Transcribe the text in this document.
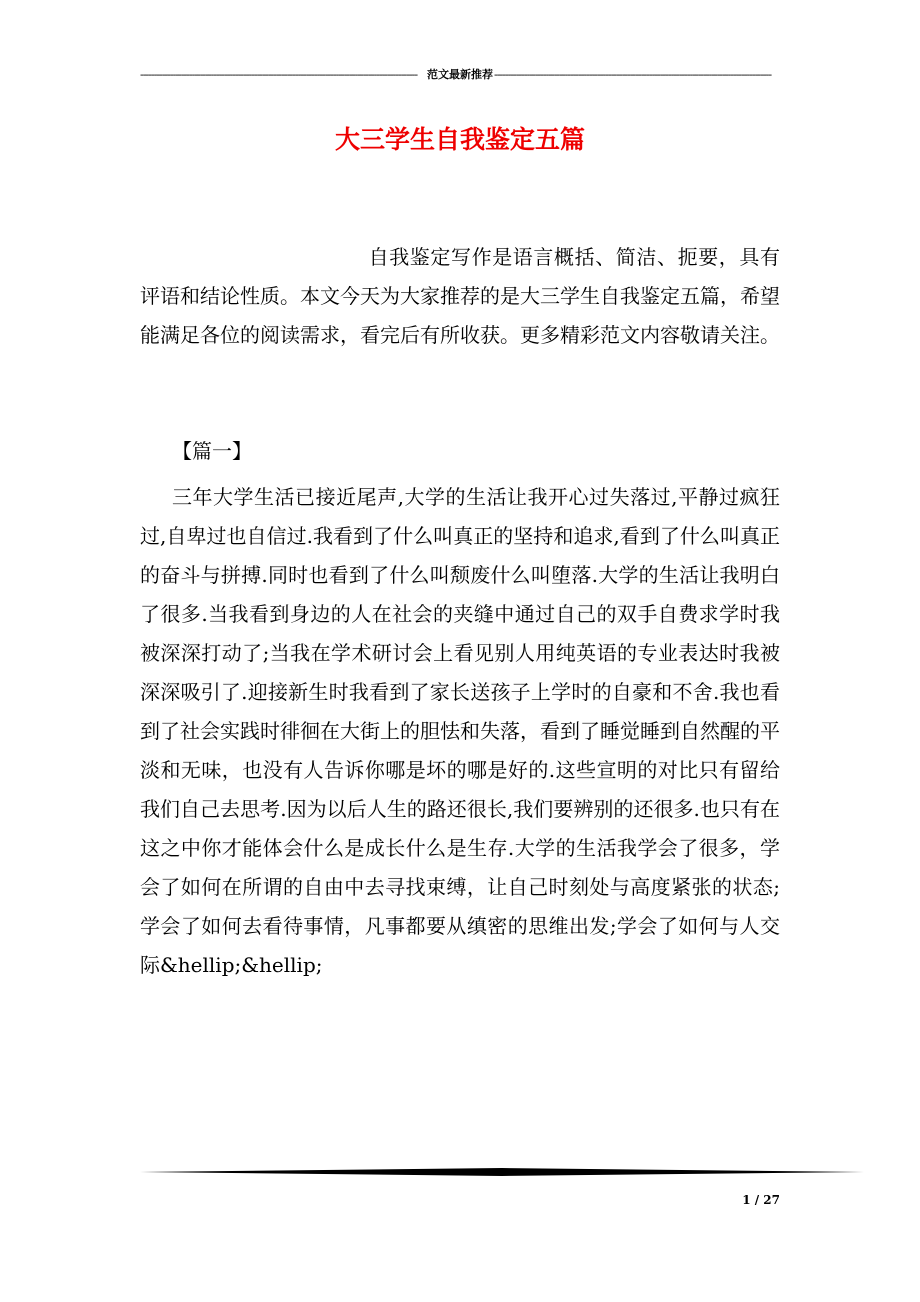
------------------------------------------------------------------------------------------------------ 范文最新推荐 ------------------------------------------------------------------------------------------------------
大三学生自我鉴定五篇
自我鉴定写作是语言概括、简洁、扼要，具有评语和结论性质。本文今天为大家推荐的是大三学生自我鉴定五篇，希望能满足各位的阅读需求，看完后有所收获。更多精彩范文内容敬请关注。
【篇一】
三年大学生活已接近尾声,大学的生活让我开心过失落过,平静过疯狂过,自卑过也自信过.我看到了什么叫真正的坚持和追求,看到了什么叫真正的奋斗与拼搏.同时也看到了什么叫颓废什么叫堕落.大学的生活让我明白了很多.当我看到身边的人在社会的夹缝中通过自己的双手自费求学时我被深深打动了;当我在学术研讨会上看见别人用纯英语的专业表达时我被深深吸引了.迎接新生时我看到了家长送孩子上学时的自豪和不舍.我也看到了社会实践时徘徊在大街上的胆怯和失落，看到了睡觉睡到自然醒的平淡和无味，也没有人告诉你哪是坏的哪是好的.这些宣明的对比只有留给我们自己去思考.因为以后人生的路还很长,我们要辨别的还很多.也只有在这之中你才能体会什么是成长什么是生存.大学的生活我学会了很多，学会了如何在所谓的自由中去寻找束缚，让自己时刻处与高度紧张的状态;学会了如何去看待事情，凡事都要从缜密的思维出发;学会了如何与人交际&hellip;&hellip;
1 / 27
